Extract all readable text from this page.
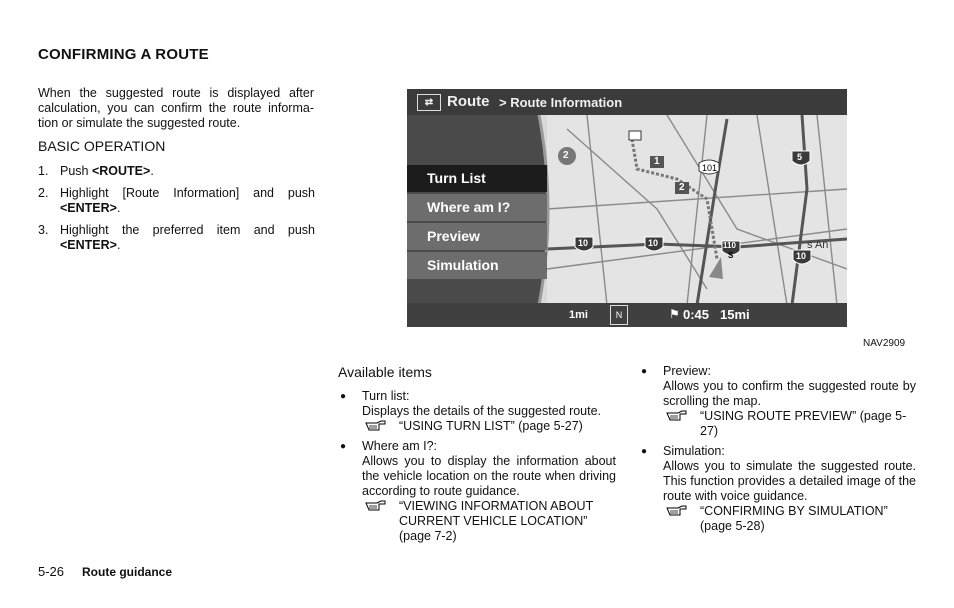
CONFIRMING A ROUTE
When the suggested route is displayed after
calculation, you can confirm the route informa-
tion or simulate the suggested route.
BASIC OPERATION
1. Push <ROUTE>.
2. Highlight [Route Information] and push <ENTER>.
3. Highlight the preferred item and push <ENTER>.
⇄ Route > Route Information
Turn List
Where am I?
Preview
Simulation
101
5
10	10	110
10
S
1
2
2
s An
1mi	N	⚑ 0:45 15mi
NAV2909
Available items
● Turn list:
Displays the details of the suggested route.
“USING TURN LIST” (page 5-27)
● Where am I?:
Allows you to display the information about the vehicle location on the route when driving according to route guidance.
“VIEWING INFORMATION ABOUT CURRENT VEHICLE LOCATION” (page 7-2)
● Preview:
Allows you to confirm the suggested route by scrolling the map.
“USING ROUTE PREVIEW” (page 5-27)
● Simulation:
Allows you to simulate the suggested route. This function provides a detailed image of the route with voice guidance.
“CONFIRMING BY SIMULATION” (page 5-28)
5-26 Route guidance
